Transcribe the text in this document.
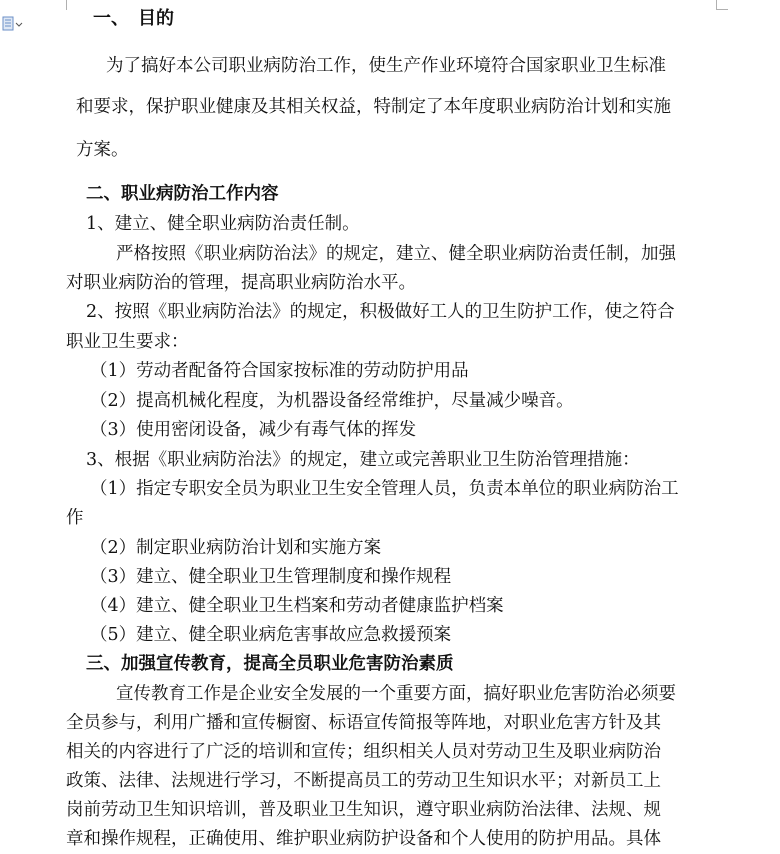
一、　目的
为了搞好本公司职业病防治工作，使生产作业环境符合国家职业卫生标准
和要求，保护职业健康及其相关权益，特制定了本年度职业病防治计划和实施
方案。
二、职业病防治工作内容
1、建立、健全职业病防治责任制。
严格按照《职业病防治法》的规定，建立、健全职业病防治责任制，加强
对职业病防治的管理，提高职业病防治水平。
2、按照《职业病防治法》的规定，积极做好工人的卫生防护工作，使之符合
职业卫生要求：
（1）劳动者配备符合国家按标准的劳动防护用品
（2）提高机械化程度，为机器设备经常维护，尽量减少噪音。
（3）使用密闭设备，减少有毒气体的挥发
3、根据《职业病防治法》的规定，建立或完善职业卫生防治管理措施：
（1）指定专职安全员为职业卫生安全管理人员，负责本单位的职业病防治工
作
（2）制定职业病防治计划和实施方案
（3）建立、健全职业卫生管理制度和操作规程
（4）建立、健全职业卫生档案和劳动者健康监护档案
（5）建立、健全职业病危害事故应急救援预案
三、加强宣传教育，提高全员职业危害防治素质
宣传教育工作是企业安全发展的一个重要方面，搞好职业危害防治必须要
全员参与，利用广播和宣传橱窗、标语宣传简报等阵地，对职业危害方针及其
相关的内容进行了广泛的培训和宣传；组织相关人员对劳动卫生及职业病防治
政策、法律、法规进行学习，不断提高员工的劳动卫生知识水平；对新员工上
岗前劳动卫生知识培训，普及职业卫生知识，遵守职业病防治法律、法规、规
章和操作规程，正确使用、维护职业病防护设备和个人使用的防护用品。具体
